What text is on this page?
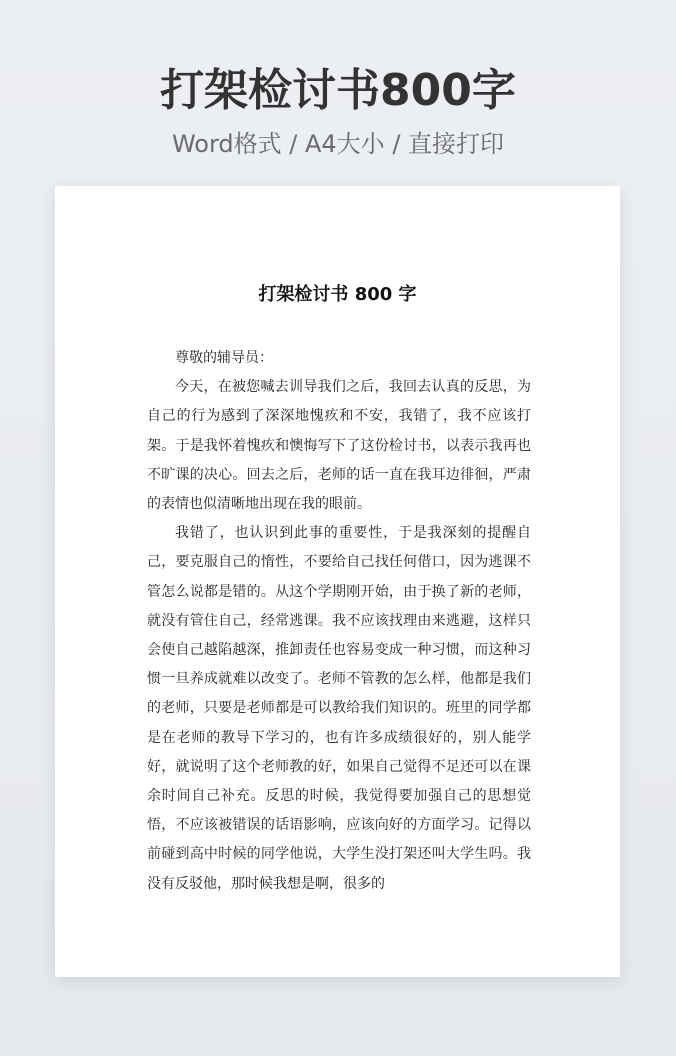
打架检讨书800字
Word格式 / A4大小 / 直接打印
打架检讨书 800 字

尊敬的辅导员：

今天，在被您喊去训导我们之后，我回去认真的反思，为自己的行为感到了深深地愧疚和不安，我错了，我不应该打架。于是我怀着愧疚和懊悔写下了这份检讨书，以表示我再也不旷课的决心。回去之后，老师的话一直在我耳边徘徊，严肃的表情也似清晰地出现在我的眼前。

我错了，也认识到此事的重要性，于是我深刻的提醒自己，要克服自己的惰性，不要给自己找任何借口，因为逃课不管怎么说都是错的。从这个学期刚开始，由于换了新的老师，就没有管住自己，经常逃课。我不应该找理由来逃避，这样只会使自己越陷越深，推卸责任也容易变成一种习惯，而这种习惯一旦养成就难以改变了。老师不管教的怎么样，他都是我们的老师，只要是老师都是可以教给我们知识的。班里的同学都是在老师的教导下学习的，也有许多成绩很好的，别人能学好，就说明了这个老师教的好，如果自己觉得不足还可以在课余时间自己补充。反思的时候，我觉得要加强自己的思想觉悟，不应该被错误的话语影响，应该向好的方面学习。记得以前碰到高中时候的同学他说，大学生没打架还叫大学生吗。我没有反驳他，那时候我想是啊，很多的
